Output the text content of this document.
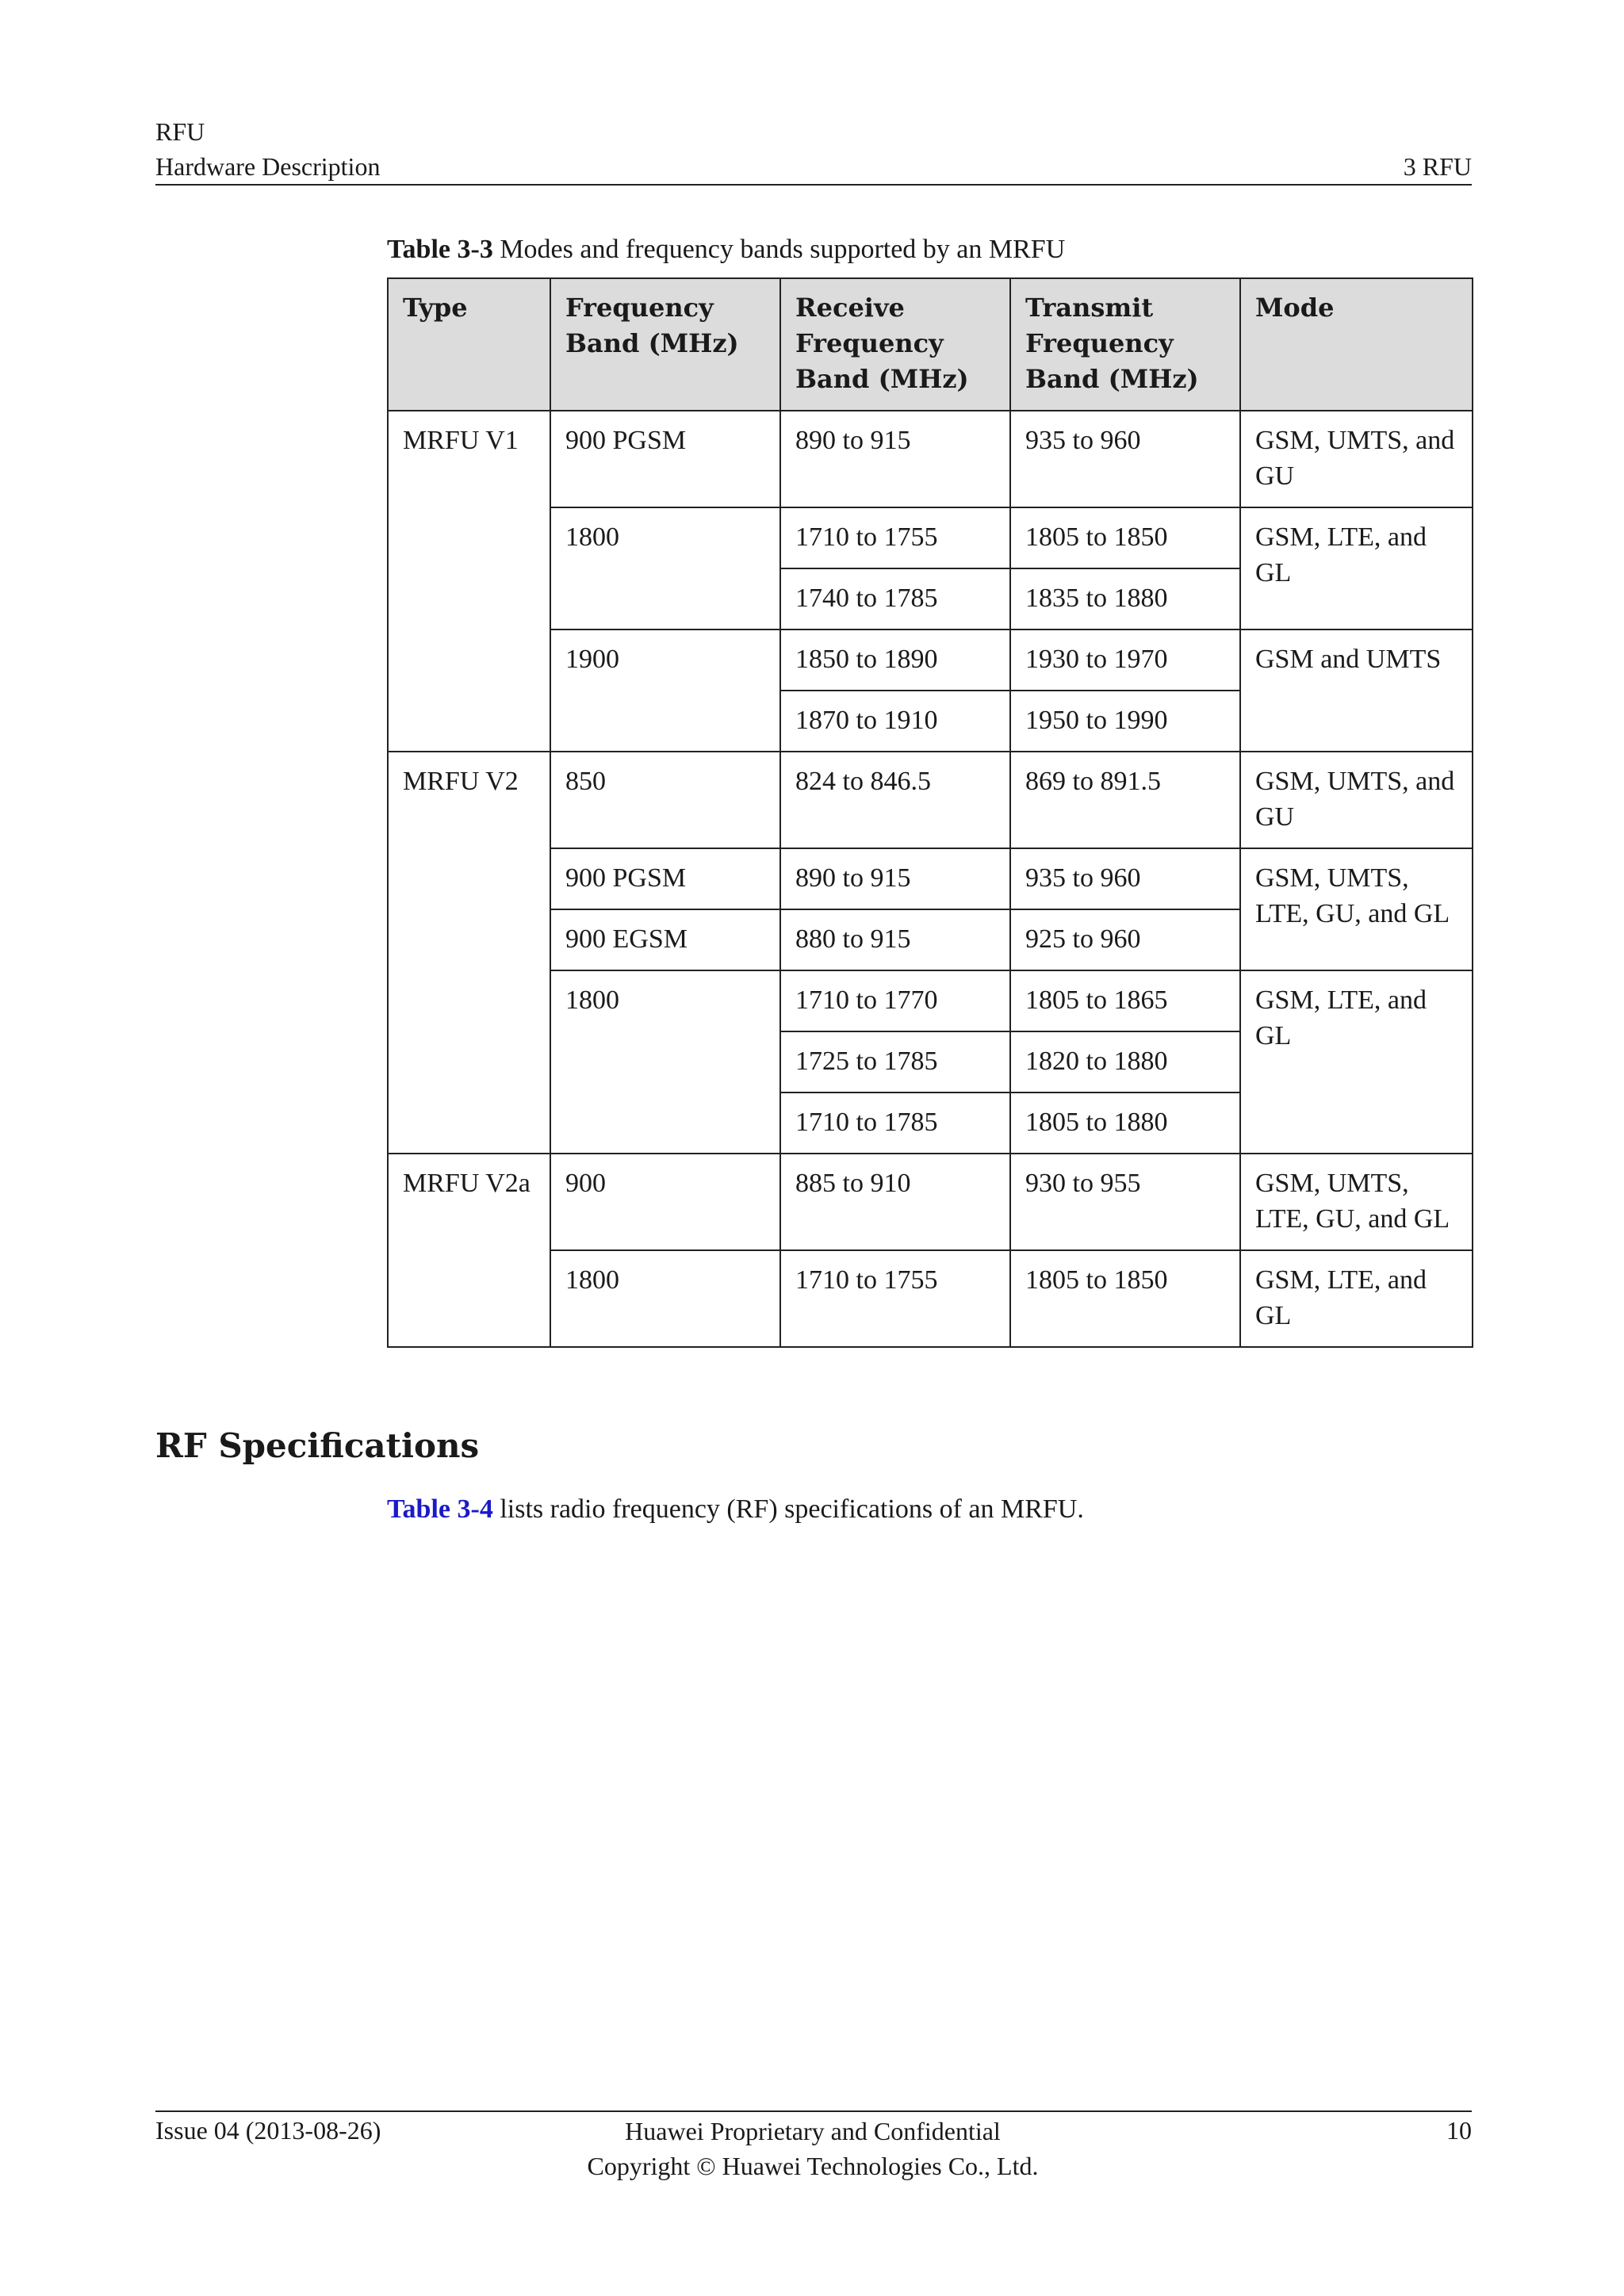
RFU
Hardware Description	3 RFU
Table 3-3 Modes and frequency bands supported by an MRFU
Type	Frequency Band (MHz)	Receive Frequency Band (MHz)	Transmit Frequency Band (MHz)	Mode
MRFU V1	900 PGSM	890 to 915	935 to 960	GSM, UMTS, and GU
	1800	1710 to 1755	1805 to 1850	GSM, LTE, and GL
		1740 to 1785	1835 to 1880	
	1900	1850 to 1890	1930 to 1970	GSM and UMTS
		1870 to 1910	1950 to 1990	
MRFU V2	850	824 to 846.5	869 to 891.5	GSM, UMTS, and GU
	900 PGSM	890 to 915	935 to 960	GSM, UMTS, LTE, GU, and GL
	900 EGSM	880 to 915	925 to 960	
	1800	1710 to 1770	1805 to 1865	GSM, LTE, and GL
		1725 to 1785	1820 to 1880	
		1710 to 1785	1805 to 1880	
MRFU V2a	900	885 to 910	930 to 955	GSM, UMTS, LTE, GU, and GL
	1800	1710 to 1755	1805 to 1850	GSM, LTE, and GL
RF Specifications
Table 3-4 lists radio frequency (RF) specifications of an MRFU.
Issue 04 (2013-08-26)	Huawei Proprietary and Confidential
Copyright © Huawei Technologies Co., Ltd.
10
